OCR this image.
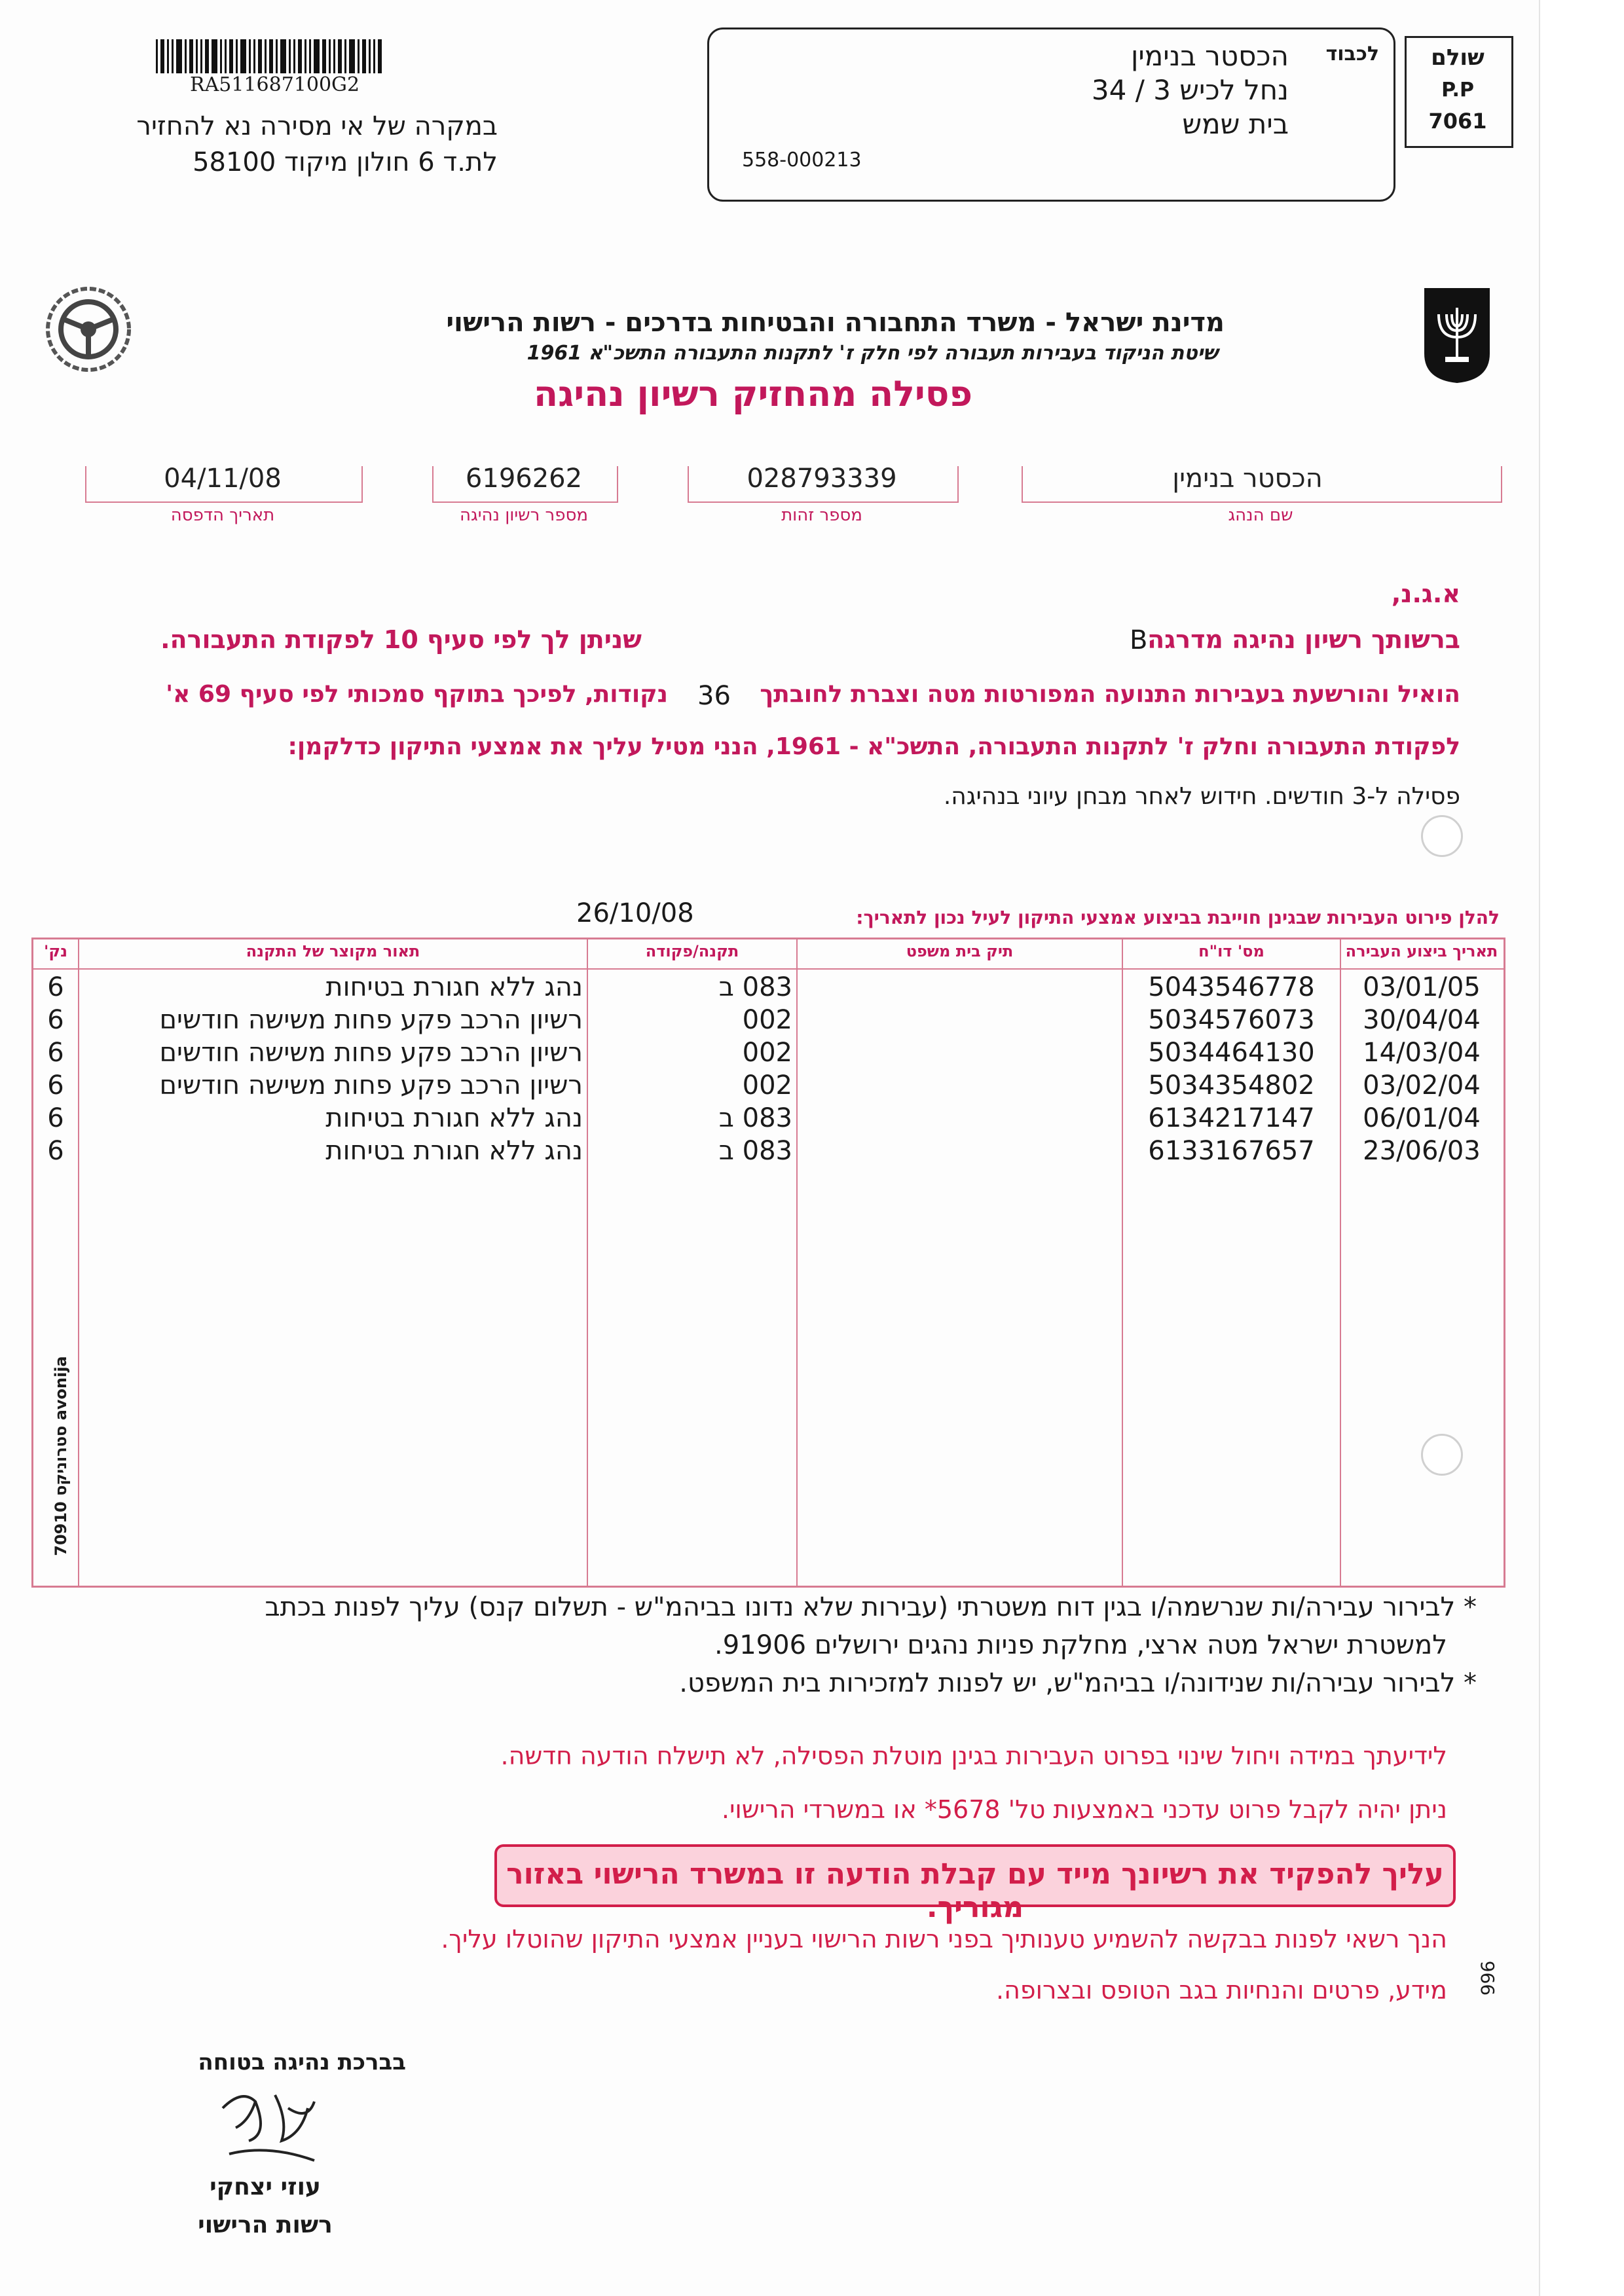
RA511687100G2
במקרה של אי מסירה נא להחזיר
לת.ד 6 חולון מיקוד 58100
לכבוד
הכסטר בנימין
נחל לכיש 3 / 34
בית שמש
558-000213
שולם
P.P
7061
מדינת ישראל - משרד התחבורה והבטיחות בדרכים - רשות הרישוי
שיטת הניקוד בעבירות תעבורה לפי חלק ז' לתקנות התעבורה התשכ"א 1961
פסילה מהחזיק רשיון נהיגה
הכסטר בנימין
שם הנהג
028793339
מספר זהות
6196262
מספר רשיון נהיגה
04/11/08
תאריך הדפסה
א.ג.נ,
ברשותך רשיון נהיגה מדרגה
B
שניתן לך לפי סעיף 10 לפקודת התעבורה.
הואיל והורשעת בעבירות התנועה המפורטות מטה וצברת לחובתך
36
נקודות, לפיכך בתוקף סמכותי לפי סעיף 69 א'
לפקודת התעבורה וחלק ז' לתקנות התעבורה, התשכ"א - 1961, הנני מטיל עליך את אמצעי התיקון כדלקמן:
פסילה ל-3 חודשים. חידוש לאחר מבחן עיוני בנהיגה.
להלן פירוט העבירות שבגינן חוייבת בביצוע אמצעי התיקון לעיל נכון לתאריך:
26/10/08
תאריך ביצוע העבירה
מס' דו"ח
תיק בית משפט
תקנה/פקודה
תאור מקוצר של התקנה
נק'
03/01/05
5043546778
083 ב
נהג ללא חגורת בטיחות
6
30/04/04
5034576073
002
רשיון הרכב פקע פחות משישה חודשים
6
14/03/04
5034464130
002
רשיון הרכב פקע פחות משישה חודשים
6
03/02/04
5034354802
002
רשיון הרכב פקע פחות משישה חודשים
6
06/01/04
6134217147
083 ב
נהג ללא חגורת בטיחות
6
23/06/03
6133167657
083 ב
נהג ללא חגורת בטיחות
6
70910 סטרוניקס avonija
* לבירור עבירה/ות שנרשמה/ו בגין דוח משטרתי (עבירות שלא נדונו בביהמ"ש - תשלום קנס) עליך לפנות בכתב
למשטרת ישראל מטה ארצי, מחלקת פניות נהגים ירושלים 91906.
* לבירור עבירה/ות שנידונה/ו בביהמ"ש, יש לפנות למזכירות בית המשפט.
לידיעתך במידה ויחול שינוי בפרוט העבירות בגינן מוטלת הפסילה, לא תישלח הודעה חדשה.
ניתן יהיה לקבל פרוט עדכני באמצעות טל' 5678* או במשרדי הרישוי.
עליך להפקיד את רשיונך מייד עם קבלת הודעה זו במשרד הרישוי באזור מגוריך.
הנך רשאי לפנות בבקשה להשמיע טענותיך בפני רשות הרישוי בעניין אמצעי התיקון שהוטלו עליך.
מידע, פרטים והנחיות בגב הטופס ובצרופה. 966
בברכת נהיגה בטוחה
עוזי יצחקי
רשות הרישוי
